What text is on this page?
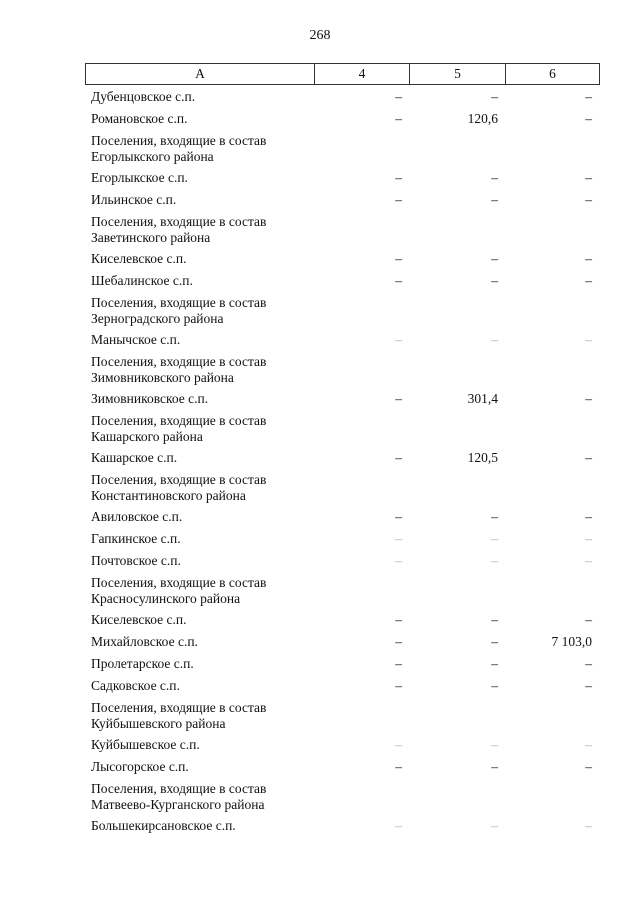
268
А	4	5	6
Дубенцовское с.п.	–	–	–
Романовское с.п.	–	120,6	–
Поселения, входящие в состав
Егорлыкского района
Егорлыкское с.п.	–	–	–
Ильинское с.п.	–	–	–
Поселения, входящие в состав
Заветинского района
Киселевское с.п.	–	–	–
Шебалинское с.п.	–	–	–
Поселения, входящие в состав
Зерноградского района
Манычское с.п.	–	–	–
Поселения, входящие в состав
Зимовниковского района
Зимовниковское с.п.	–	301,4	–
Поселения, входящие в состав
Кашарского района
Кашарское с.п.	–	120,5	–
Поселения, входящие в состав
Константиновского района
Авиловское с.п.	–	–	–
Гапкинское с.п.	–	–	–
Почтовское с.п.	–	–	–
Поселения, входящие в состав
Красносулинского района
Киселевское с.п.	–	–	–
Михайловское с.п.	–	–	7 103,0
Пролетарское с.п.	–	–	–
Садковское с.п.	–	–	–
Поселения, входящие в состав
Куйбышевского района
Куйбышевское с.п.	–	–	–
Лысогорское с.п.	–	–	–
Поселения, входящие в состав
Матвеево-Курганского района
Большекирсановское с.п.	–	–	–
